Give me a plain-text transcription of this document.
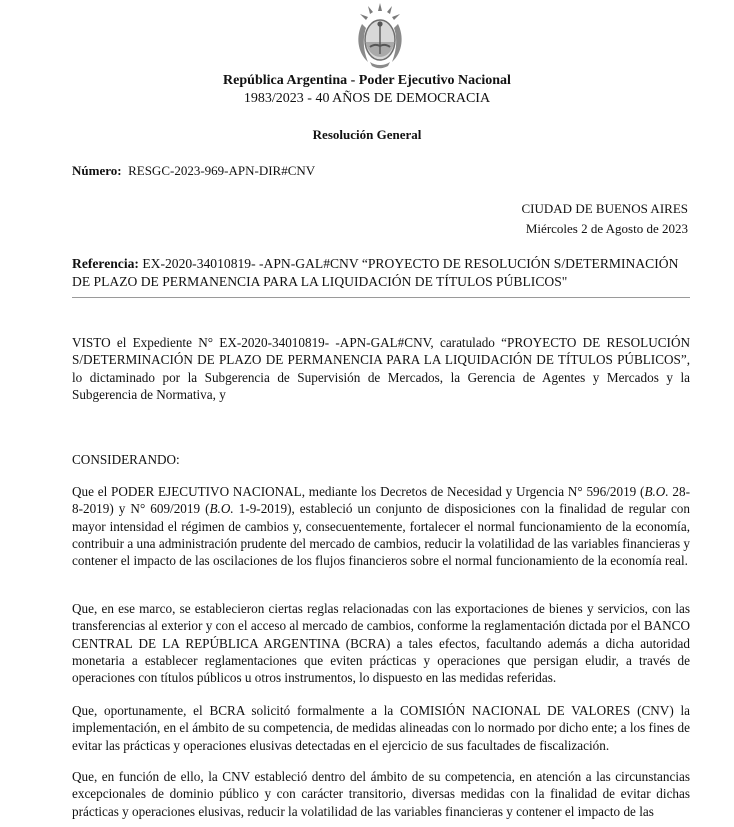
República Argentina - Poder Ejecutivo Nacional
1983/2023 - 40 AÑOS DE DEMOCRACIA
Resolución General
Número: RESGC-2023-969-APN-DIR#CNV
CIUDAD DE BUENOS AIRES
Miércoles 2 de Agosto de 2023
Referencia: EX-2020-34010819- -APN-GAL#CNV “PROYECTO DE RESOLUCIÓN S/DETERMINACIÓN DE PLAZO DE PERMANENCIA PARA LA LIQUIDACIÓN DE TÍTULOS PÚBLICOS"
VISTO el Expediente N° EX-2020-34010819- -APN-GAL#CNV, caratulado “PROYECTO DE RESOLUCIÓN S/DETERMINACIÓN DE PLAZO DE PERMANENCIA PARA LA LIQUIDACIÓN DE TÍTULOS PÚBLICOS”, lo dictaminado por la Subgerencia de Supervisión de Mercados, la Gerencia de Agentes y Mercados y la Subgerencia de Normativa, y
CONSIDERANDO:
Que el PODER EJECUTIVO NACIONAL, mediante los Decretos de Necesidad y Urgencia N° 596/2019 (B.O. 28-8-2019) y N° 609/2019 (B.O. 1-9-2019), estableció un conjunto de disposiciones con la finalidad de regular con mayor intensidad el régimen de cambios y, consecuentemente, fortalecer el normal funcionamiento de la economía, contribuir a una administración prudente del mercado de cambios, reducir la volatilidad de las variables financieras y contener el impacto de las oscilaciones de los flujos financieros sobre el normal funcionamiento de la economía real.
Que, en ese marco, se establecieron ciertas reglas relacionadas con las exportaciones de bienes y servicios, con las transferencias al exterior y con el acceso al mercado de cambios, conforme la reglamentación dictada por el BANCO CENTRAL DE LA REPÚBLICA ARGENTINA (BCRA) a tales efectos, facultando además a dicha autoridad monetaria a establecer reglamentaciones que eviten prácticas y operaciones que persigan eludir, a través de operaciones con títulos públicos u otros instrumentos, lo dispuesto en las medidas referidas.
Que, oportunamente, el BCRA solicitó formalmente a la COMISIÓN NACIONAL DE VALORES (CNV) la implementación, en el ámbito de su competencia, de medidas alineadas con lo normado por dicho ente; a los fines de evitar las prácticas y operaciones elusivas detectadas en el ejercicio de sus facultades de fiscalización.
Que, en función de ello, la CNV estableció dentro del ámbito de su competencia, en atención a las circunstancias excepcionales de dominio público y con carácter transitorio, diversas medidas con la finalidad de evitar dichas prácticas y operaciones elusivas, reducir la volatilidad de las variables financieras y contener el impacto de las
